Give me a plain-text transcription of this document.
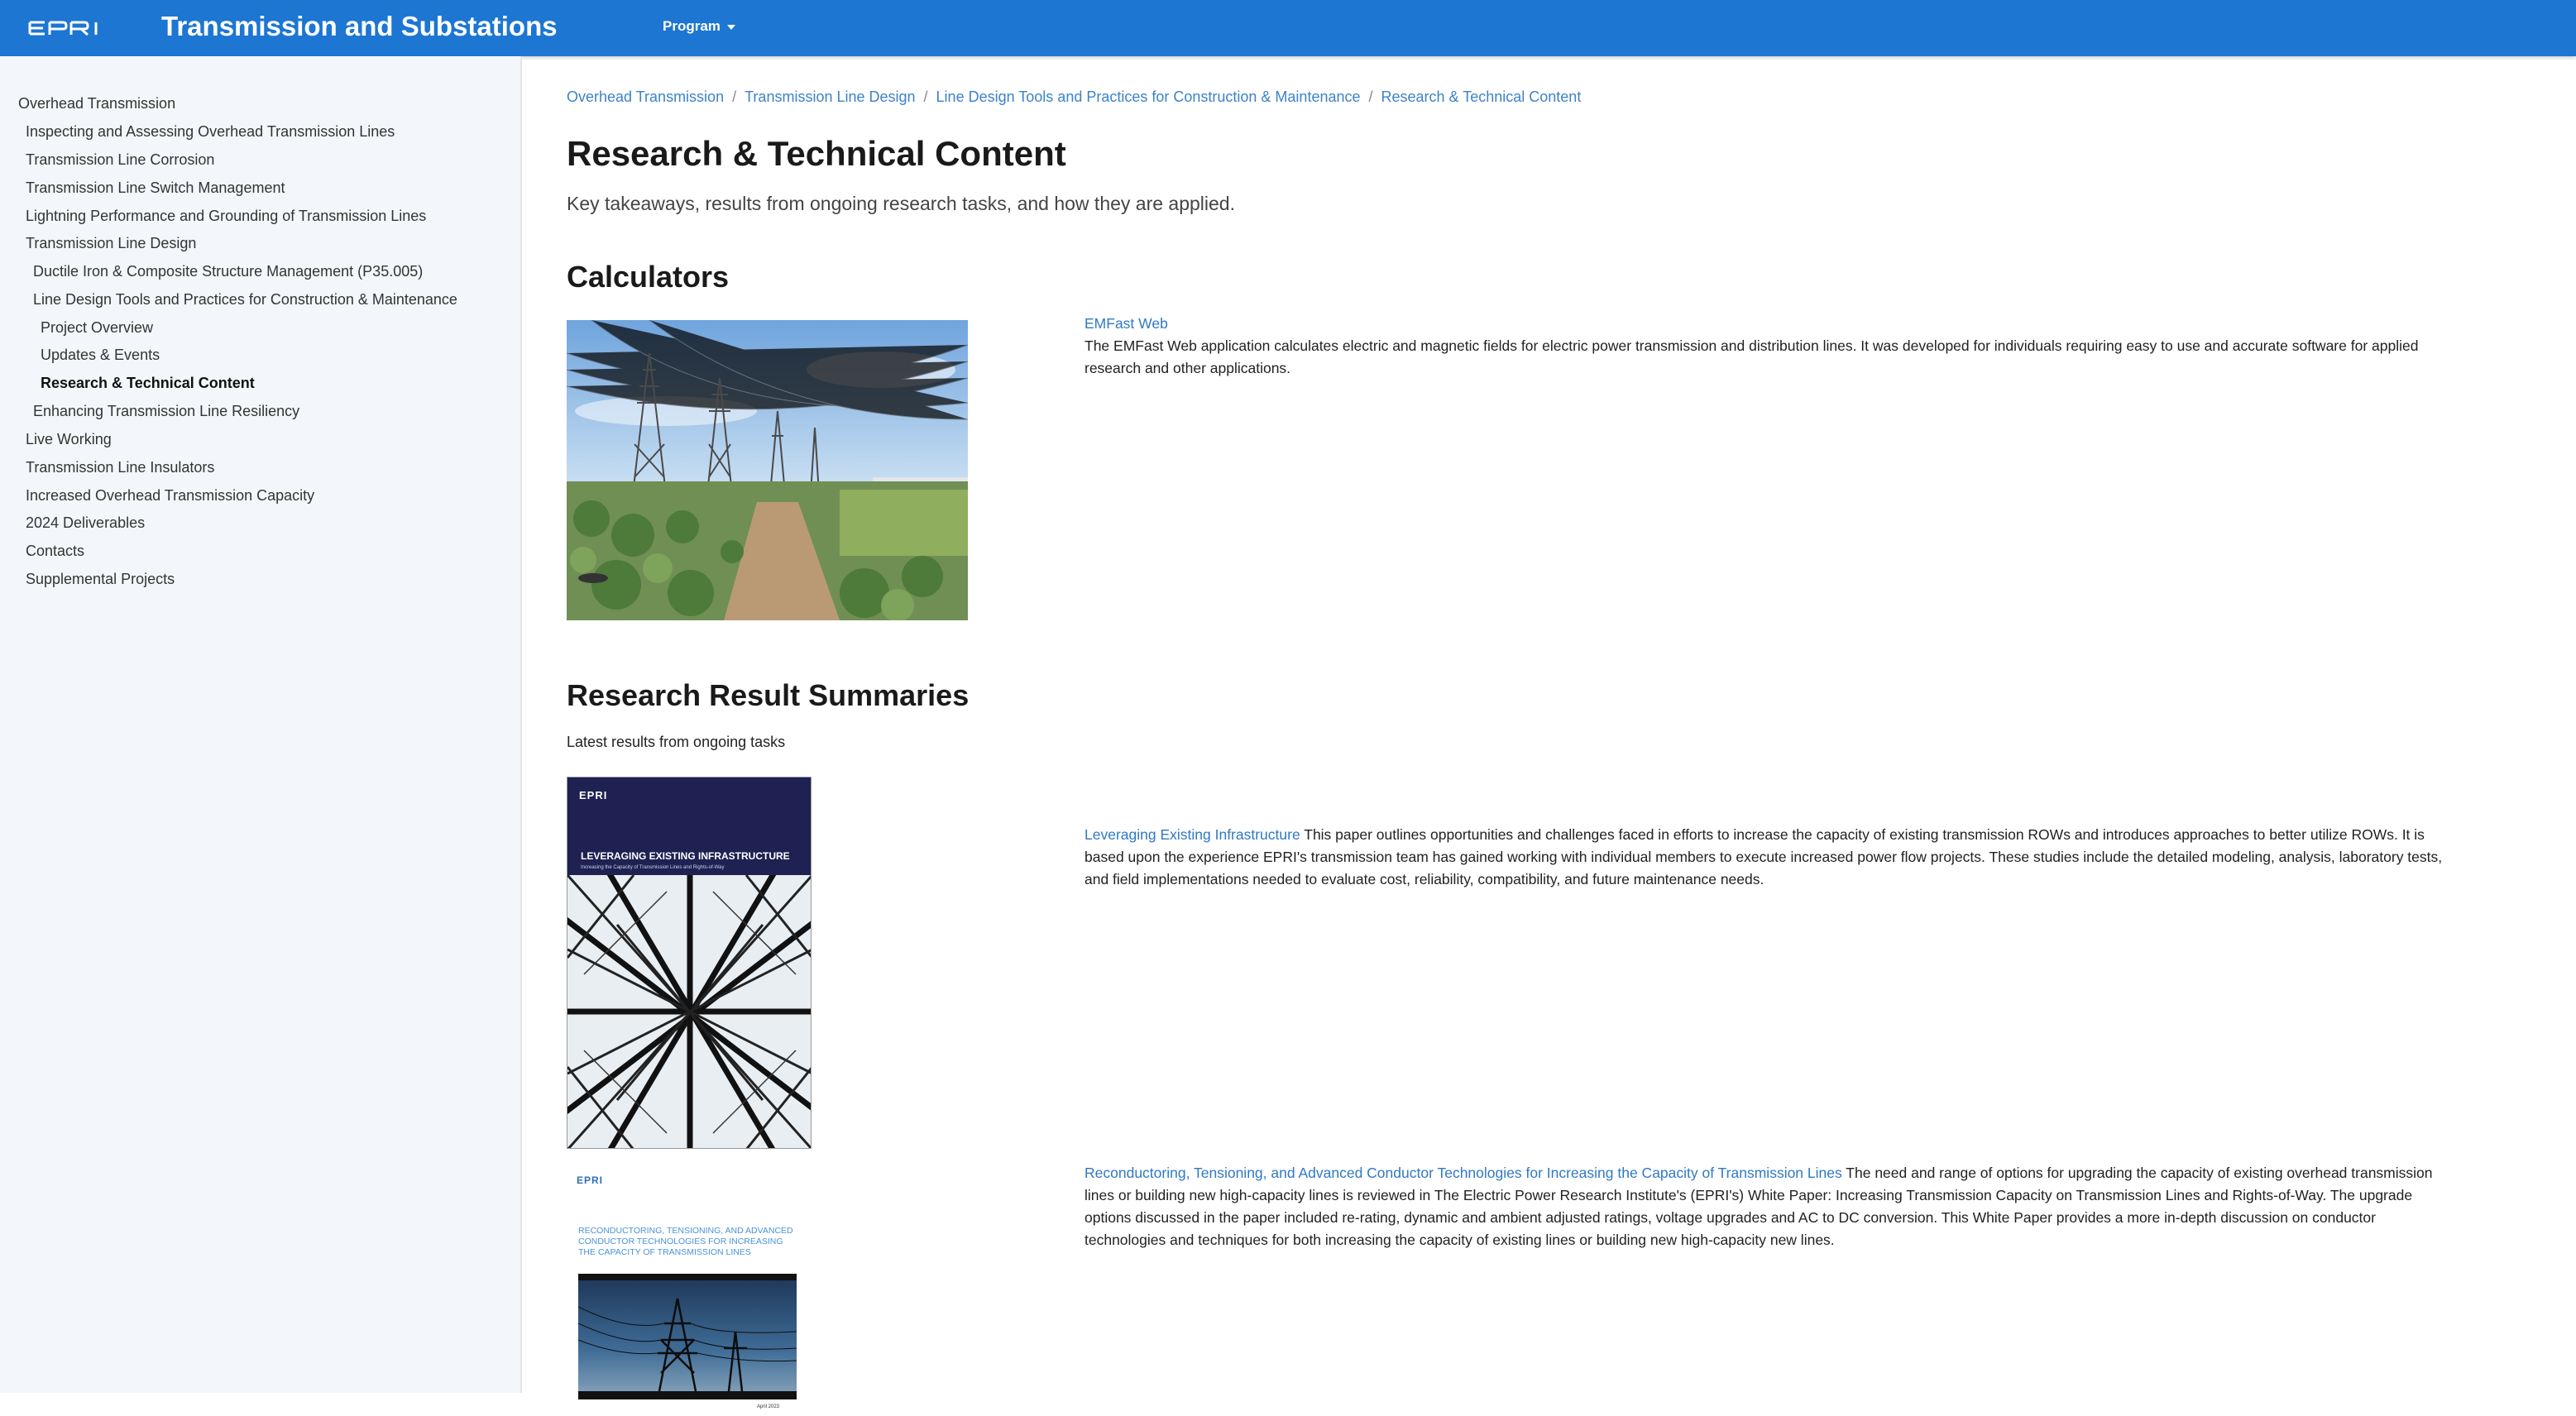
Transmission and Substations	Program
Overhead Transmission
Inspecting and Assessing Overhead Transmission Lines
Transmission Line Corrosion
Transmission Line Switch Management
Lightning Performance and Grounding of Transmission Lines
Transmission Line Design
Ductile Iron & Composite Structure Management (P35.005)
Line Design Tools and Practices for Construction & Maintenance
Project Overview
Updates & Events
Research & Technical Content
Enhancing Transmission Line Resiliency
Live Working
Transmission Line Insulators
Increased Overhead Transmission Capacity
2024 Deliverables
Contacts
Supplemental Projects
Overhead Transmission / Transmission Line Design / Line Design Tools and Practices for Construction & Maintenance / Research & Technical Content
Research & Technical Content
Key takeaways, results from ongoing research tasks, and how they are applied.
Calculators
EMFast Web
The EMFast Web application calculates electric and magnetic fields for electric power transmission and distribution lines. It was developed for individuals requiring easy to use and accurate software for applied research and other applications.
Research Result Summaries
Latest results from ongoing tasks
EPRI
LEVERAGING EXISTING INFRASTRUCTURE
Increasing the Capacity of Transmission Lines and Rights-of-Way
Leveraging Existing Infrastructure This paper outlines opportunities and challenges faced in efforts to increase the capacity of existing transmission ROWs and introduces approaches to better utilize ROWs. It is based upon the experience EPRI's transmission team has gained working with individual members to execute increased power flow projects. These studies include the detailed modeling, analysis, laboratory tests, and field implementations needed to evaluate cost, reliability, compatibility, and future maintenance needs.
EPRI
RECONDUCTORING, TENSIONING, AND ADVANCED CONDUCTOR TECHNOLOGIES FOR INCREASING THE CAPACITY OF TRANSMISSION LINES
April 2023
Reconductoring, Tensioning, and Advanced Conductor Technologies for Increasing the Capacity of Transmission Lines The need and range of options for upgrading the capacity of existing overhead transmission lines or building new high-capacity lines is reviewed in The Electric Power Research Institute's (EPRI's) White Paper: Increasing Transmission Capacity on Transmission Lines and Rights-of-Way. The upgrade options discussed in the paper included re-rating, dynamic and ambient adjusted ratings, voltage upgrades and AC to DC conversion. This White Paper provides a more in-depth discussion on conductor technologies and techniques for both increasing the capacity of existing lines or building new high-capacity new lines.
